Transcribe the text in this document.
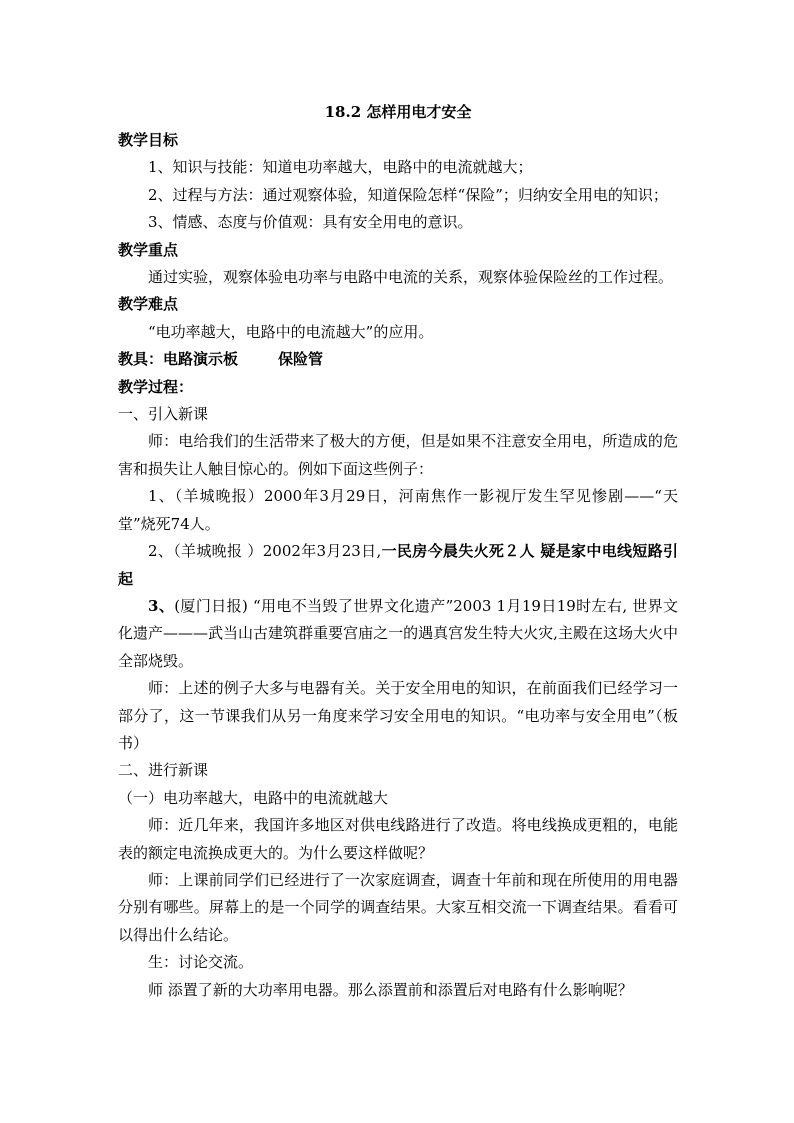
18.2 怎样用电才安全

教学目标

1、知识与技能：知道电功率越大，电路中的电流就越大；

2、过程与方法：通过观察体验，知道保险怎样“保险”；归纳安全用电的知识；

3、情感、态度与价值观：具有安全用电的意识。

教学重点

通过实验，观察体验电功率与电路中电流的关系，观察体验保险丝的工作过程。

教学难点

“电功率越大，电路中的电流越大”的应用。

教具：电路演示板	保险管

教学过程：

一、引入新课

师：电给我们的生活带来了极大的方便，但是如果不注意安全用电，所造成的危害和损失让人触目惊心的。例如下面这些例子：

1、（羊城晚报）2000年3月29日，河南焦作一影视厅发生罕见惨剧——“天堂”烧死74人。

2、（羊城晚报 ）2002年3月23日,一民房今晨失火死２人 疑是家中电线短路引起

3、(厦门日报) “用电不当毁了世界文化遗产”2003 1月19日19时左右, 世界文化遗产———武当山古建筑群重要宫庙之一的遇真宫发生特大火灾,主殿在这场大火中全部烧毁。

师：上述的例子大多与电器有关。关于安全用电的知识，在前面我们已经学习一部分了，这一节课我们从另一角度来学习安全用电的知识。“电功率与安全用电”（板书）

二、进行新课

（一）电功率越大，电路中的电流就越大

师：近几年来，我国许多地区对供电线路进行了改造。将电线换成更粗的，电能表的额定电流换成更大的。为什么要这样做呢？

师：上课前同学们已经进行了一次家庭调查，调查十年前和现在所使用的用电器分别有哪些。屏幕上的是一个同学的调查结果。大家互相交流一下调查结果。看看可以得出什么结论。

生：讨论交流。

师 添置了新的大功率用电器。那么添置前和添置后对电路有什么影响呢？
